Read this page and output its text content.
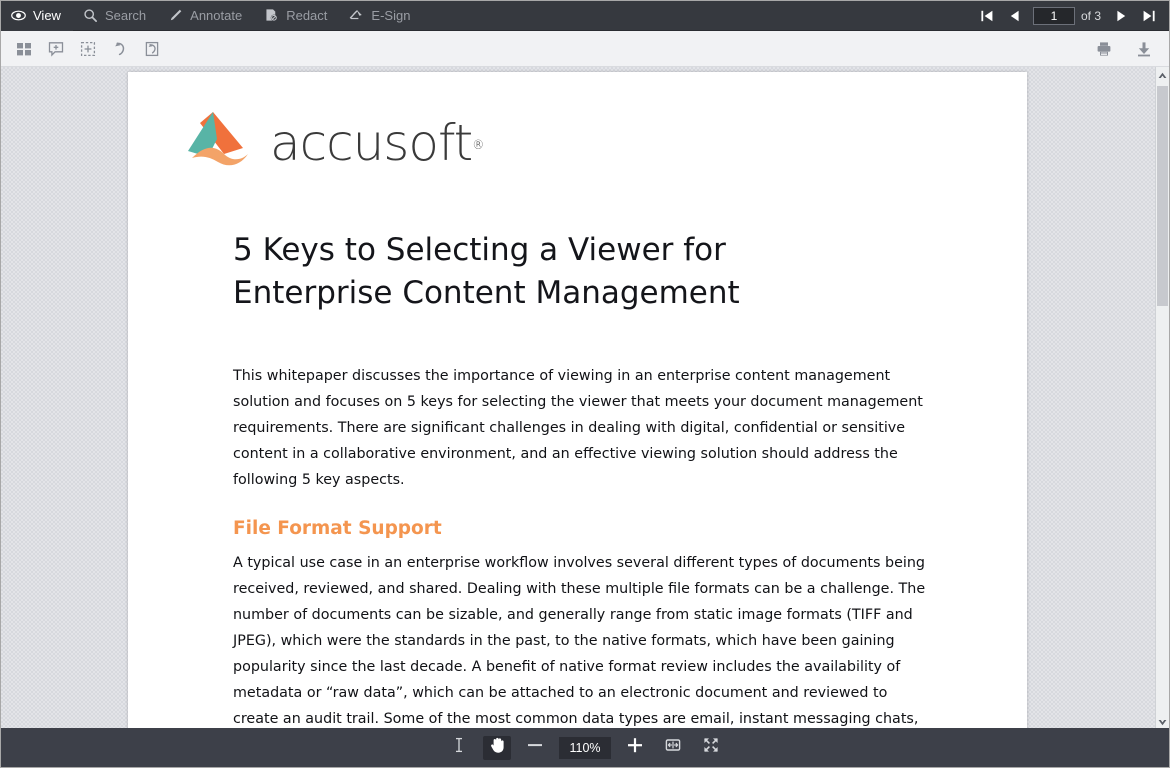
View	Search	Annotate	Redact	E-Sign
1	of 3
accusoft ®
5 Keys to Selecting a Viewer for
Enterprise Content Management
This whitepaper discusses the importance of viewing in an enterprise content management solution and focuses on 5 keys for selecting the viewer that meets your document management requirements. There are significant challenges in dealing with digital, confidential or sensitive content in a collaborative environment, and an effective viewing solution should address the following 5 key aspects.
File Format Support
A typical use case in an enterprise workflow involves several different types of documents being received, reviewed, and shared. Dealing with these multiple file formats can be a challenge. The number of documents can be sizable, and generally range from static image formats (TIFF and JPEG), which were the standards in the past, to the native formats, which have been gaining popularity since the last decade. A benefit of native format review includes the availability of metadata or “raw data”, which can be attached to an electronic document and reviewed to create an audit trail. Some of the most common data types are email, instant messaging chats,
110%
